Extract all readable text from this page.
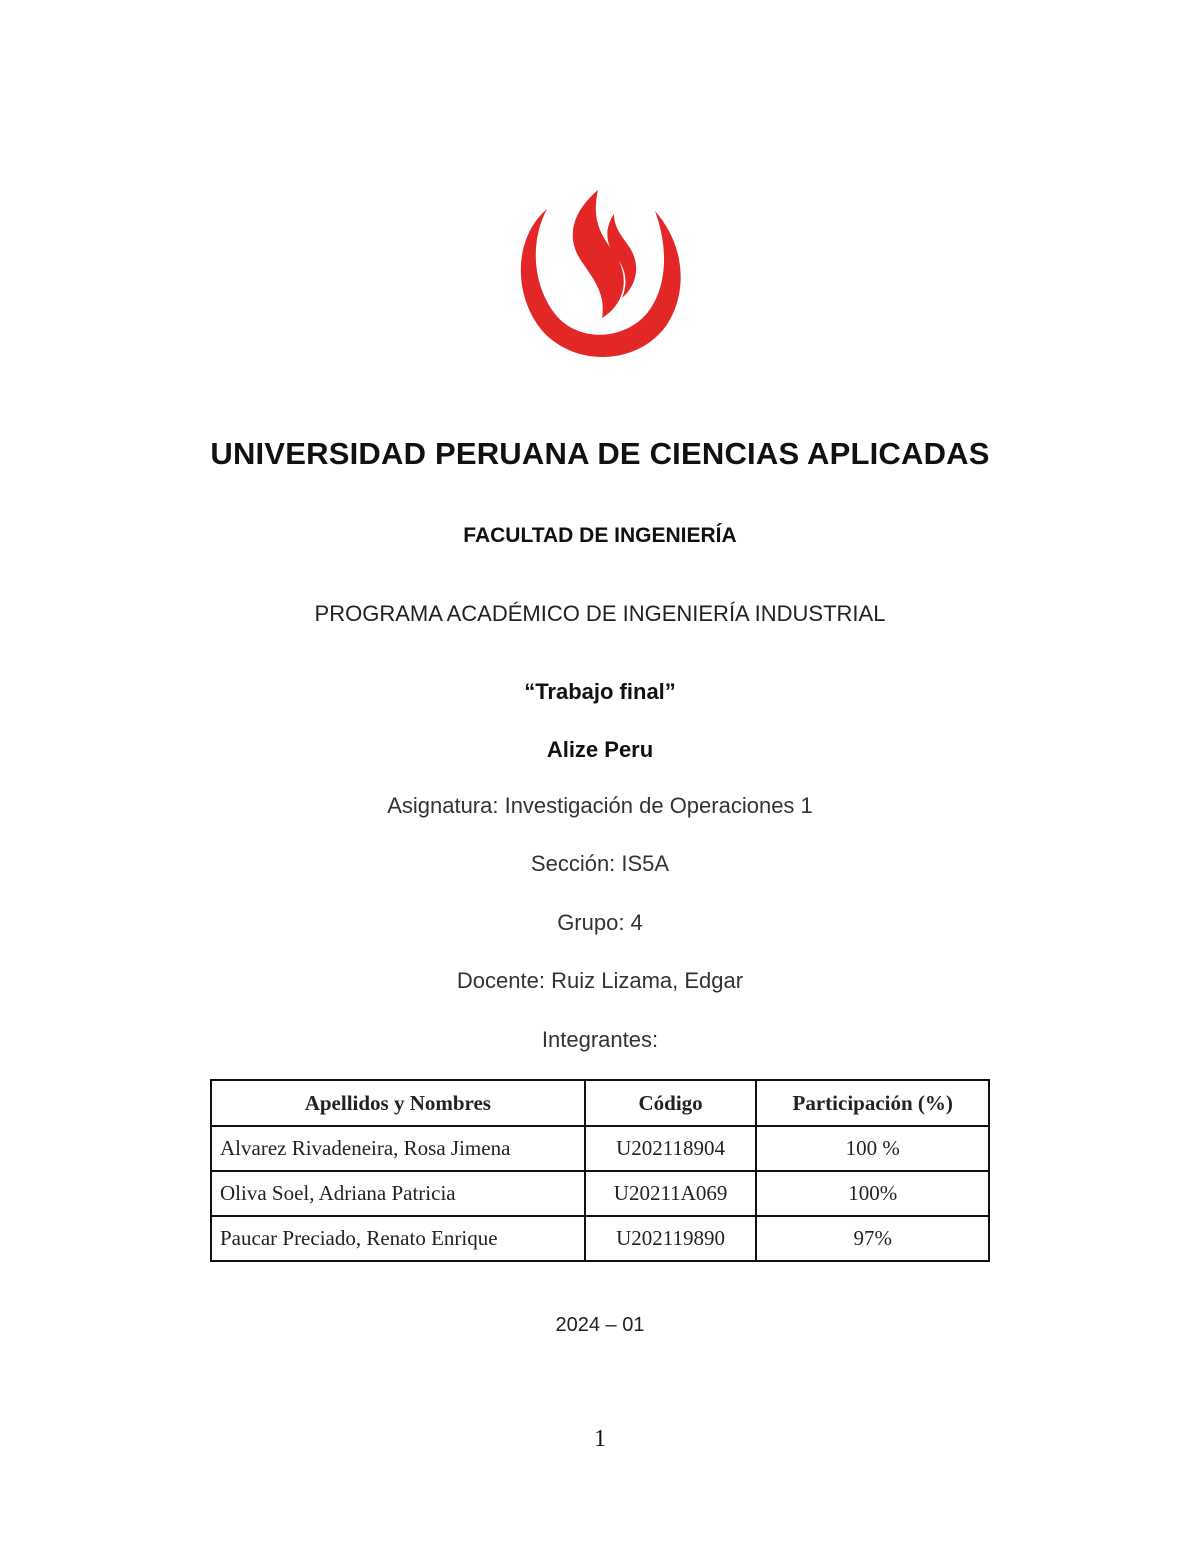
UNIVERSIDAD PERUANA DE CIENCIAS APLICADAS
FACULTAD DE INGENIERÍA
PROGRAMA ACADÉMICO DE INGENIERÍA INDUSTRIAL
“Trabajo final”
Alize Peru
Asignatura: Investigación de Operaciones 1
Sección: IS5A
Grupo: 4
Docente: Ruiz Lizama, Edgar
Integrantes:
Apellidos y Nombres	Código	Participación (%)
Alvarez Rivadeneira, Rosa Jimena	U202118904	100 %
Oliva Soel, Adriana Patricia	U20211A069	100%
Paucar Preciado, Renato Enrique	U202119890	97%
2024 – 01
1
